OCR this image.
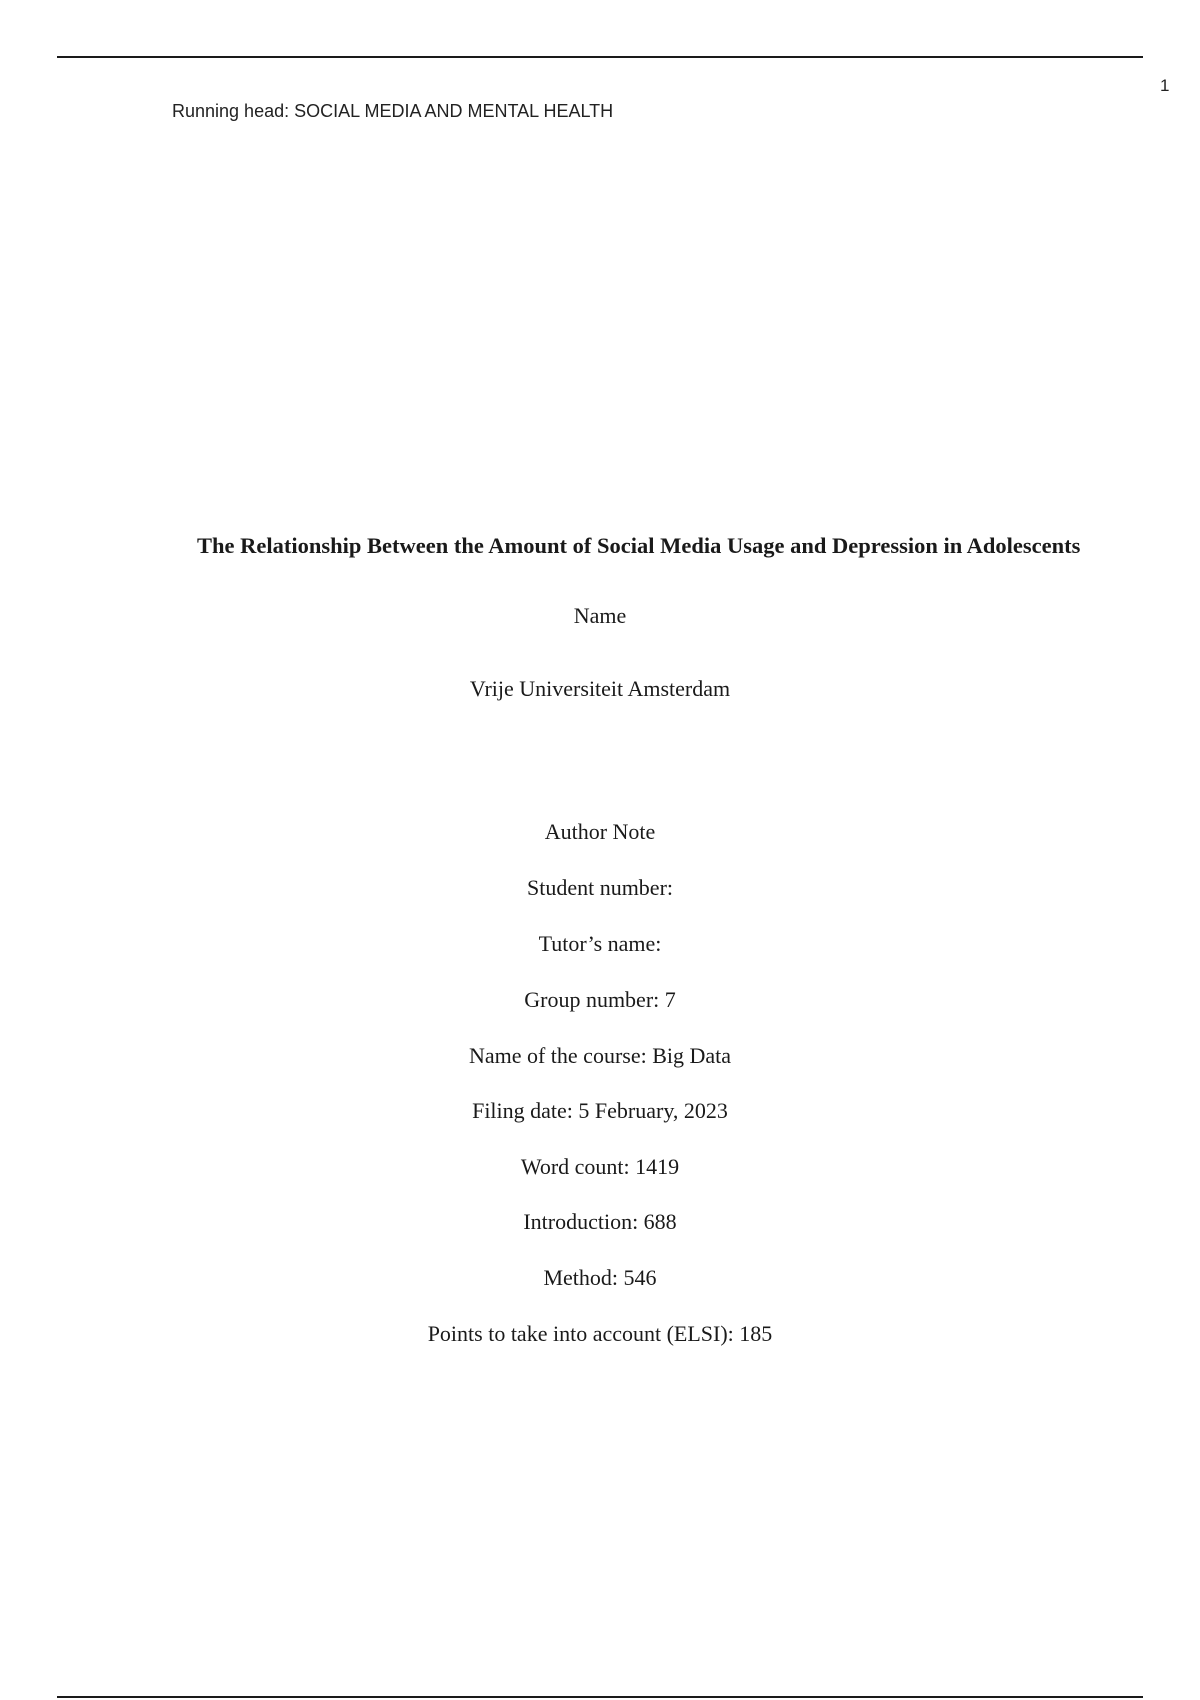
1
Running head: SOCIAL MEDIA AND MENTAL HEALTH
The Relationship Between the Amount of Social Media Usage and Depression in Adolescents
Name
Vrije Universiteit Amsterdam
Author Note
Student number:
Tutor’s name:
Group number: 7
Name of the course: Big Data
Filing date: 5 February, 2023
Word count: 1419
Introduction: 688
Method: 546
Points to take into account (ELSI): 185
